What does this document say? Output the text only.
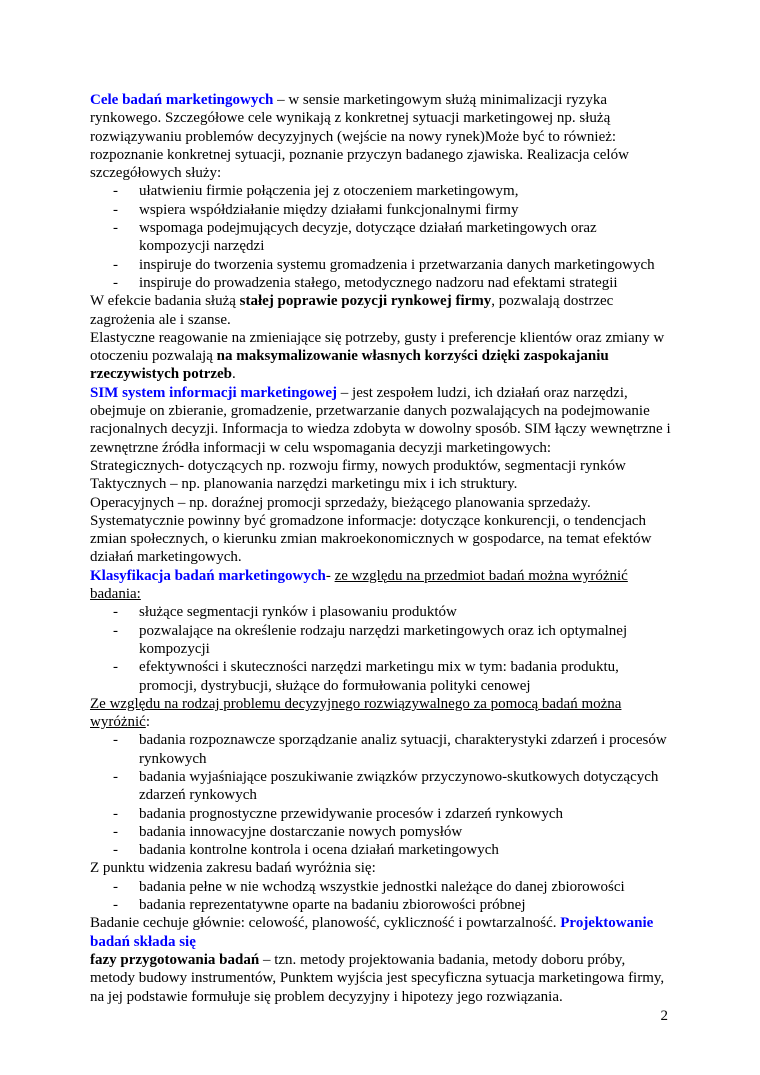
Cele badań marketingowych – w sensie marketingowym służą minimalizacji ryzyka rynkowego. Szczegółowe cele wynikają z konkretnej sytuacji marketingowej np. służą rozwiązywaniu problemów decyzyjnych (wejście na nowy rynek)Może być to również: rozpoznanie konkretnej sytuacji, poznanie przyczyn badanego zjawiska. Realizacja celów szczegółowych służy:

-	ułatwieniu firmie połączenia jej z otoczeniem marketingowym,
-	wspiera współdziałanie między działami funkcjonalnymi firmy
-	wspomaga podejmujących decyzje, dotyczące działań marketingowych oraz kompozycji narzędzi
-	inspiruje do tworzenia systemu gromadzenia i przetwarzania danych marketingowych
-	inspiruje do prowadzenia stałego, metodycznego nadzoru nad efektami strategii

W efekcie badania służą stałej poprawie pozycji rynkowej firmy, pozwalają dostrzec zagrożenia ale i szanse.

Elastyczne reagowanie na zmieniające się potrzeby, gusty i preferencje klientów oraz zmiany w otoczeniu pozwalają na maksymalizowanie własnych korzyści dzięki zaspokajaniu rzeczywistych potrzeb.

SIM system informacji marketingowej – jest zespołem ludzi, ich działań oraz narzędzi, obejmuje on zbieranie, gromadzenie, przetwarzanie danych pozwalających na podejmowanie racjonalnych decyzji. Informacja to wiedza zdobyta w dowolny sposób. SIM łączy wewnętrzne i zewnętrzne źródła informacji w celu wspomagania decyzji marketingowych:

Strategicznych- dotyczących np. rozwoju firmy, nowych produktów, segmentacji rynków

Taktycznych – np. planowania narzędzi marketingu mix i ich struktury.

Operacyjnych – np. doraźnej promocji sprzedaży, bieżącego planowania sprzedaży.

Systematycznie powinny być gromadzone informacje: dotyczące konkurencji, o tendencjach zmian społecznych, o kierunku zmian makroekonomicznych w gospodarce, na temat efektów działań marketingowych.

Klasyfikacja badań marketingowych- ze względu na przedmiot badań można wyróżnić badania:

-	służące segmentacji rynków i plasowaniu produktów
-	pozwalające na określenie rodzaju narzędzi marketingowych oraz ich optymalnej kompozycji
-	efektywności i skuteczności narzędzi marketingu mix w tym: badania produktu, promocji, dystrybucji, służące do formułowania polityki cenowej

Ze względu na rodzaj problemu decyzyjnego rozwiązywalnego za pomocą badań można wyróżnić:

-	badania rozpoznawcze sporządzanie analiz sytuacji, charakterystyki zdarzeń i procesów rynkowych
-	badania wyjaśniające poszukiwanie związków przyczynowo-skutkowych dotyczących zdarzeń rynkowych
-	badania prognostyczne przewidywanie procesów i zdarzeń rynkowych
-	badania innowacyjne dostarczanie nowych pomysłów
-	badania kontrolne kontrola i ocena działań marketingowych

Z punktu widzenia zakresu badań wyróżnia się:

-	badania pełne w nie wchodzą wszystkie jednostki należące do danej zbiorowości
-	badania reprezentatywne oparte na badaniu zbiorowości próbnej

Badanie cechuje głównie: celowość, planowość, cykliczność i powtarzalność. Projektowanie badań składa się

fazy przygotowania badań – tzn. metody projektowania badania, metody doboru próby, metody budowy instrumentów, Punktem wyjścia jest specyficzna sytuacja marketingowa firmy, na jej podstawie formułuje się problem decyzyjny i hipotezy jego rozwiązania.

2
